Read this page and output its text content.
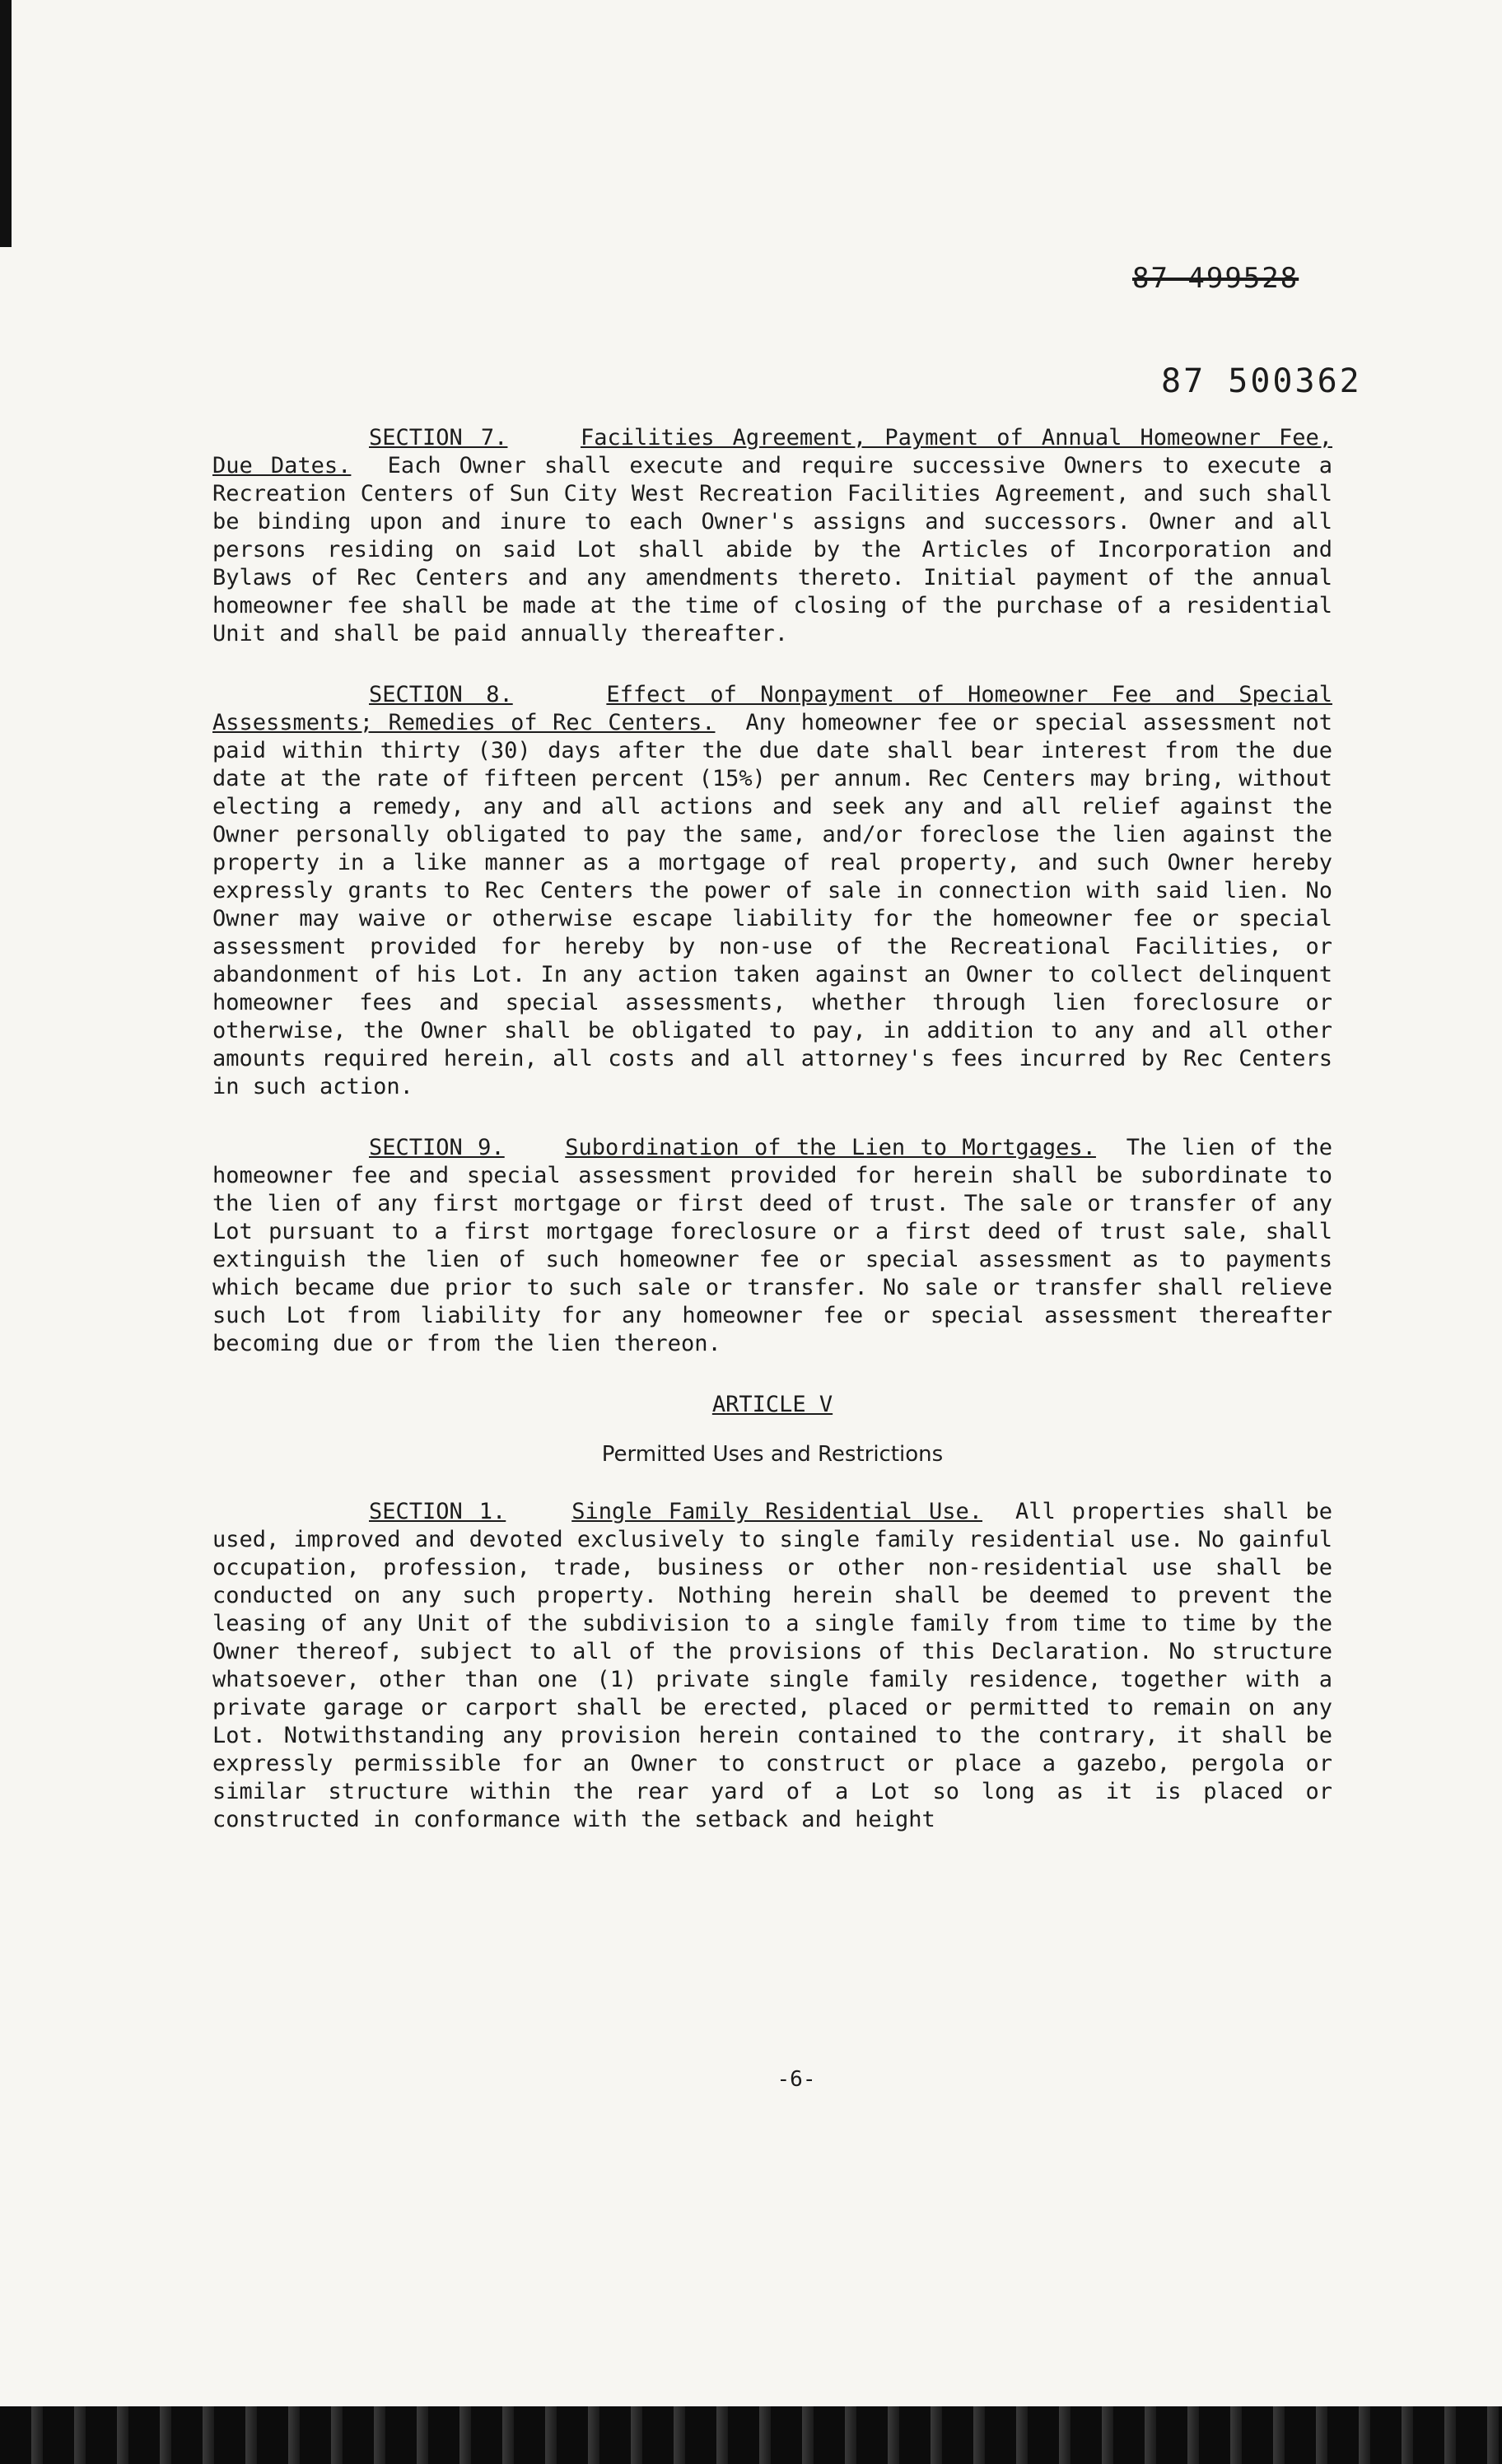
87 499528
87 500362

SECTION 7.	Facilities Agreement, Payment of Annual Homeowner Fee, Due Dates. Each Owner shall execute and require successive Owners to execute a Recreation Centers of Sun City West Recreation Facilities Agreement, and such shall be binding upon and inure to each Owner's assigns and successors. Owner and all persons residing on said Lot shall abide by the Articles of Incorporation and Bylaws of Rec Centers and any amendments thereto. Initial payment of the annual homeowner fee shall be made at the time of closing of the purchase of a residential Unit and shall be paid annually thereafter.

SECTION 8.	Effect of Nonpayment of Homeowner Fee and Special Assessments; Remedies of Rec Centers. Any homeowner fee or special assessment not paid within thirty (30) days after the due date shall bear interest from the due date at the rate of fifteen percent (15%) per annum. Rec Centers may bring, without electing a remedy, any and all actions and seek any and all relief against the Owner personally obligated to pay the same, and/or foreclose the lien against the property in a like manner as a mortgage of real property, and such Owner hereby expressly grants to Rec Centers the power of sale in connection with said lien. No Owner may waive or otherwise escape liability for the homeowner fee or special assessment provided for hereby by non-use of the Recreational Facilities, or abandonment of his Lot. In any action taken against an Owner to collect delinquent homeowner fees and special assessments, whether through lien foreclosure or otherwise, the Owner shall be obligated to pay, in addition to any and all other amounts required herein, all costs and all attorney's fees incurred by Rec Centers in such action.

SECTION 9.	Subordination of the Lien to Mortgages. The lien of the homeowner fee and special assessment provided for herein shall be subordinate to the lien of any first mortgage or first deed of trust. The sale or transfer of any Lot pursuant to a first mortgage foreclosure or a first deed of trust sale, shall extinguish the lien of such homeowner fee or special assessment as to payments which became due prior to such sale or transfer. No sale or transfer shall relieve such Lot from liability for any homeowner fee or special assessment thereafter becoming due or from the lien thereon.

ARTICLE V
Permitted Uses and Restrictions

SECTION 1.	Single Family Residential Use. All properties shall be used, improved and devoted exclusively to single family residential use. No gainful occupation, profession, trade, business or other non-residential use shall be conducted on any such property. Nothing herein shall be deemed to prevent the leasing of any Unit of the subdivision to a single family from time to time by the Owner thereof, subject to all of the provisions of this Declaration. No structure whatsoever, other than one (1) private single family residence, together with a private garage or carport shall be erected, placed or permitted to remain on any Lot. Notwithstanding any provision herein contained to the contrary, it shall be expressly permissible for an Owner to construct or place a gazebo, pergola or similar structure within the rear yard of a Lot so long as it is placed or constructed in conformance with the setback and height

-6-
